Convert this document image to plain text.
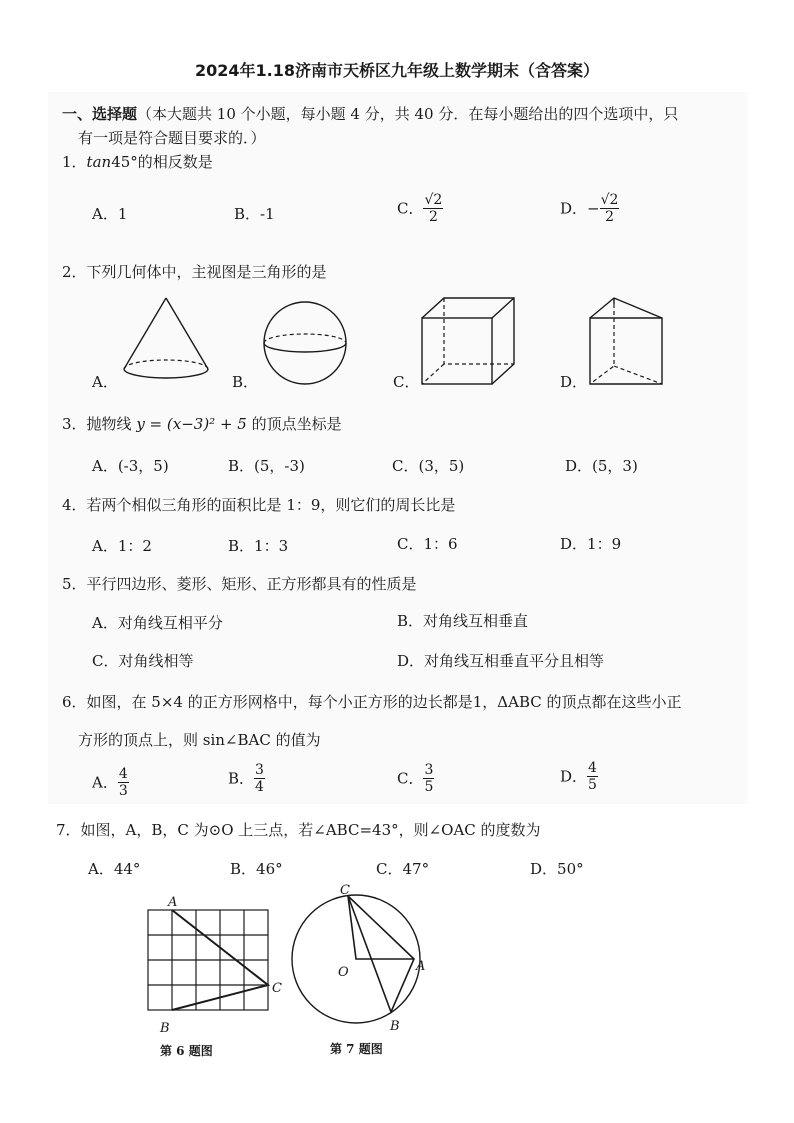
2024年1.18济南市天桥区九年级上数学期末（含答案）
一、选择题（本大题共 10 个小题，每小题 4 分，共 40 分．在每小题给出的四个选项中，只
有一项是符合题目要求的．）
1．tan45°的相反数是
A．1	B．-1	C． $\frac{√2}{2}$	D．− $\frac{√2}{2}$
2．下列几何体中，主视图是三角形的是
A．	B．	C．	D．
3．抛物线 y = (x−3)² + 5 的顶点坐标是
A．(-3，5)	B．(5，-3)	C．(3，5)	D．(5，3)
4．若两个相似三角形的面积比是 1：9，则它们的周长比是
A．1：2	B．1：3	C．1：6	D．1：9
5．平行四边形、菱形、矩形、正方形都具有的性质是
A．对角线互相平分	B．对角线互相垂直
C．对角线相等	D．对角线互相垂直平分且相等
6．如图，在 5×4 的正方形网格中，每个小正方形的边长都是1，ΔABC 的顶点都在这些小正
方形的顶点上，则 sin∠BAC 的值为
A． $\frac{4}{3}$	B． $\frac{3}{4}$	C． $\frac{3}{5}$	D． $\frac{4}{5}$
7．如图，A，B，C 为⊙O 上三点，若∠ABC=43°，则∠OAC 的度数为
A．44°	B．46°	C．47°	D．50°
A
C
B
第 6 题图
C
O	A
B
第 7 题图
